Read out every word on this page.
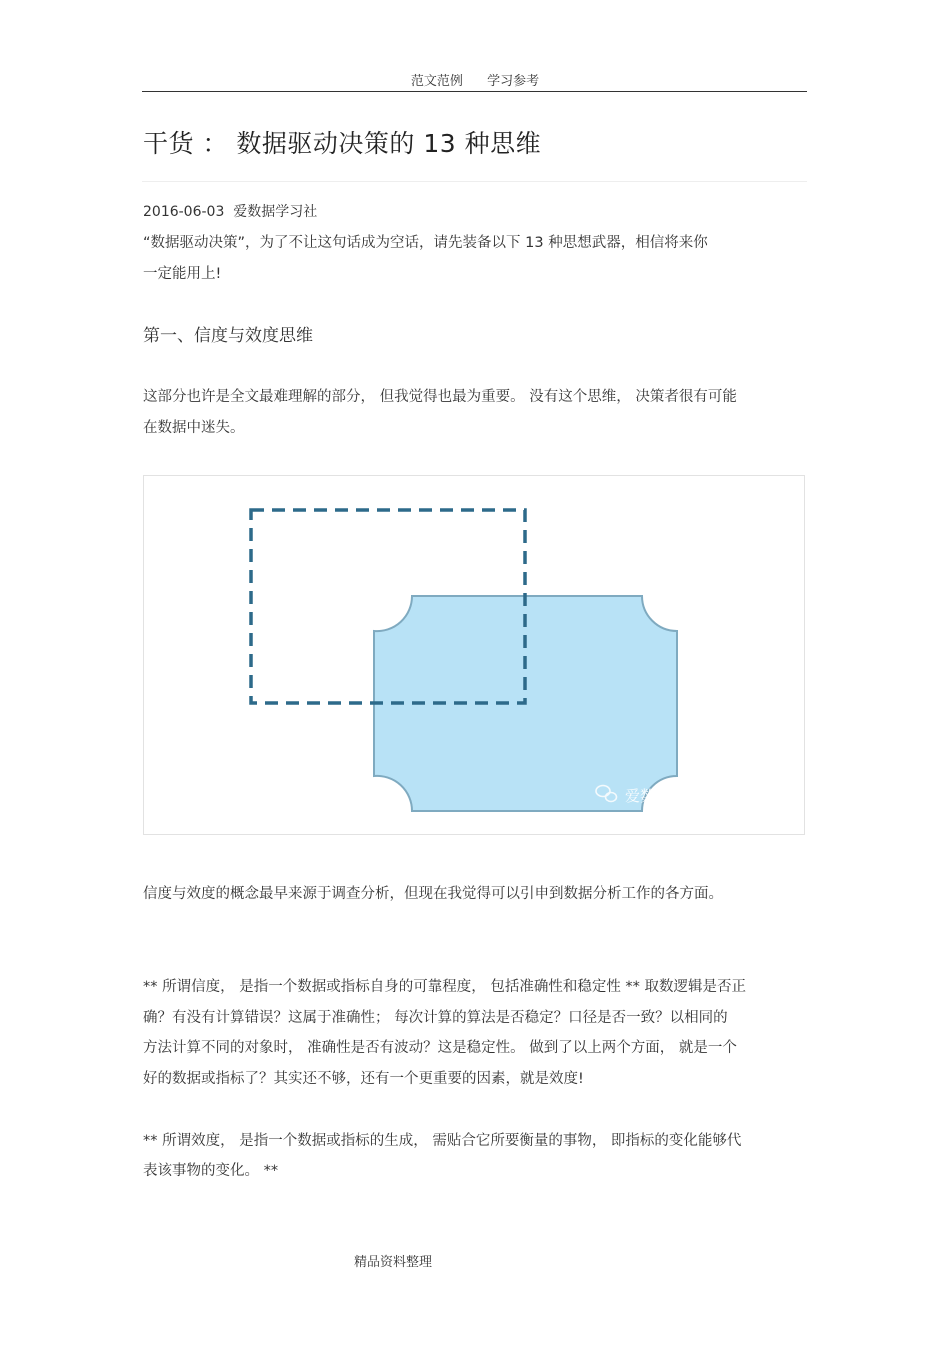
范文范例 学习参考
干货 ： 数据驱动决策的 13 种思维
2016-06-03 爱数据学习社
“数据驱动决策”，为了不让这句话成为空话，请先装备以下 13 种思想武器，相信将来你
一定能用上!
第一、信度与效度思维
这部分也许是全文最难理解的部分， 但我觉得也最为重要。 没有这个思维， 决策者很有可能
在数据中迷失。
爱数据
信度与效度的概念最早来源于调查分析，但现在我觉得可以引申到数据分析工作的各方面。
** 所谓信度， 是指一个数据或指标自身的可靠程度， 包括准确性和稳定性 ** 取数逻辑是否正
确？有没有计算错误？这属于准确性； 每次计算的算法是否稳定？口径是否一致？以相同的
方法计算不同的对象时， 准确性是否有波动？这是稳定性。 做到了以上两个方面， 就是一个
好的数据或指标了？其实还不够，还有一个更重要的因素，就是效度!
** 所谓效度， 是指一个数据或指标的生成， 需贴合它所要衡量的事物， 即指标的变化能够代
表该事物的变化。 **
精品资料整理
